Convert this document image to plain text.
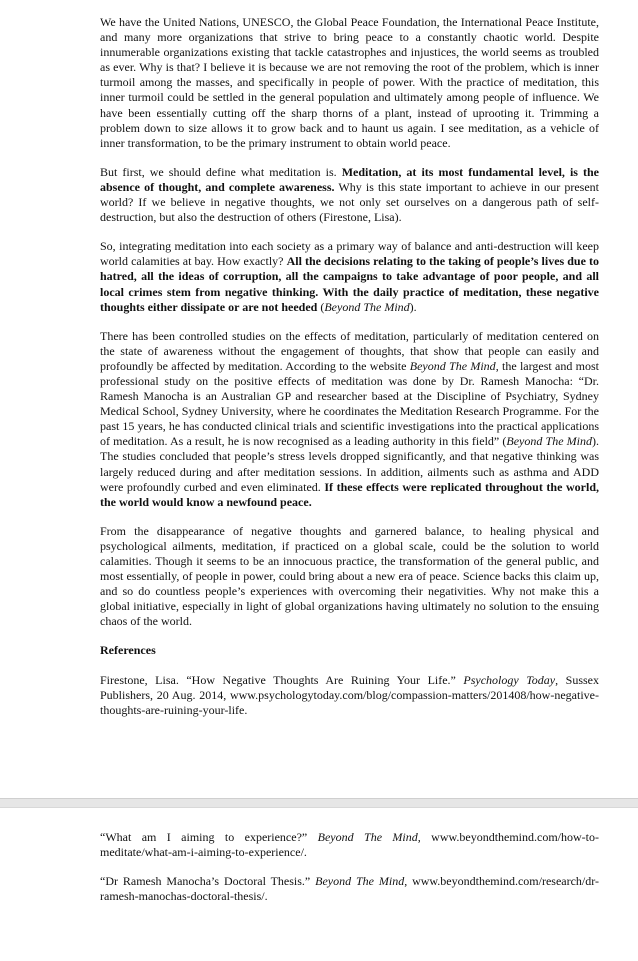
We have the United Nations, UNESCO, the Global Peace Foundation, the International Peace Institute, and many more organizations that strive to bring peace to a constantly chaotic world. Despite innumerable organizations existing that tackle catastrophes and injustices, the world seems as troubled as ever. Why is that? I believe it is because we are not removing the root of the problem, which is inner turmoil among the masses, and specifically in people of power. With the practice of meditation, this inner turmoil could be settled in the general population and ultimately among people of influence. We have been essentially cutting off the sharp thorns of a plant, instead of uprooting it. Trimming a problem down to size allows it to grow back and to haunt us again. I see meditation, as a vehicle of inner transformation, to be the primary instrument to obtain world peace.

But first, we should define what meditation is. Meditation, at its most fundamental level, is the absence of thought, and complete awareness. Why is this state important to achieve in our present world? If we believe in negative thoughts, we not only set ourselves on a dangerous path of self-destruction, but also the destruction of others (Firestone, Lisa).

So, integrating meditation into each society as a primary way of balance and anti-destruction will keep world calamities at bay. How exactly? All the decisions relating to the taking of people’s lives due to hatred, all the ideas of corruption, all the campaigns to take advantage of poor people, and all local crimes stem from negative thinking. With the daily practice of meditation, these negative thoughts either dissipate or are not heeded (Beyond The Mind).

There has been controlled studies on the effects of meditation, particularly of meditation centered on the state of awareness without the engagement of thoughts, that show that people can easily and profoundly be affected by meditation. According to the website Beyond The Mind, the largest and most professional study on the positive effects of meditation was done by Dr. Ramesh Manocha: “Dr. Ramesh Manocha is an Australian GP and researcher based at the Discipline of Psychiatry, Sydney Medical School, Sydney University, where he coordinates the Meditation Research Programme. For the past 15 years, he has conducted clinical trials and scientific investigations into the practical applications of meditation. As a result, he is now recognised as a leading authority in this field” (Beyond The Mind). The studies concluded that people’s stress levels dropped significantly, and that negative thinking was largely reduced during and after meditation sessions. In addition, ailments such as asthma and ADD were profoundly curbed and even eliminated. If these effects were replicated throughout the world, the world would know a newfound peace.

From the disappearance of negative thoughts and garnered balance, to healing physical and psychological ailments, meditation, if practiced on a global scale, could be the solution to world calamities. Though it seems to be an innocuous practice, the transformation of the general public, and most essentially, of people in power, could bring about a new era of peace. Science backs this claim up, and so do countless people’s experiences with overcoming their negativities. Why not make this a global initiative, especially in light of global organizations having ultimately no solution to the ensuing chaos of the world.

References

Firestone, Lisa. “How Negative Thoughts Are Ruining Your Life.” Psychology Today, Sussex Publishers, 20 Aug. 2014, www.psychologytoday.com/blog/compassion-matters/201408/how-negative-thoughts-are-ruining-your-life.

“What am I aiming to experience?” Beyond The Mind, www.beyondthemind.com/how-to-meditate/what-am-i-aiming-to-experience/.

“Dr Ramesh Manocha’s Doctoral Thesis.” Beyond The Mind, www.beyondthemind.com/research/dr-ramesh-manochas-doctoral-thesis/.
